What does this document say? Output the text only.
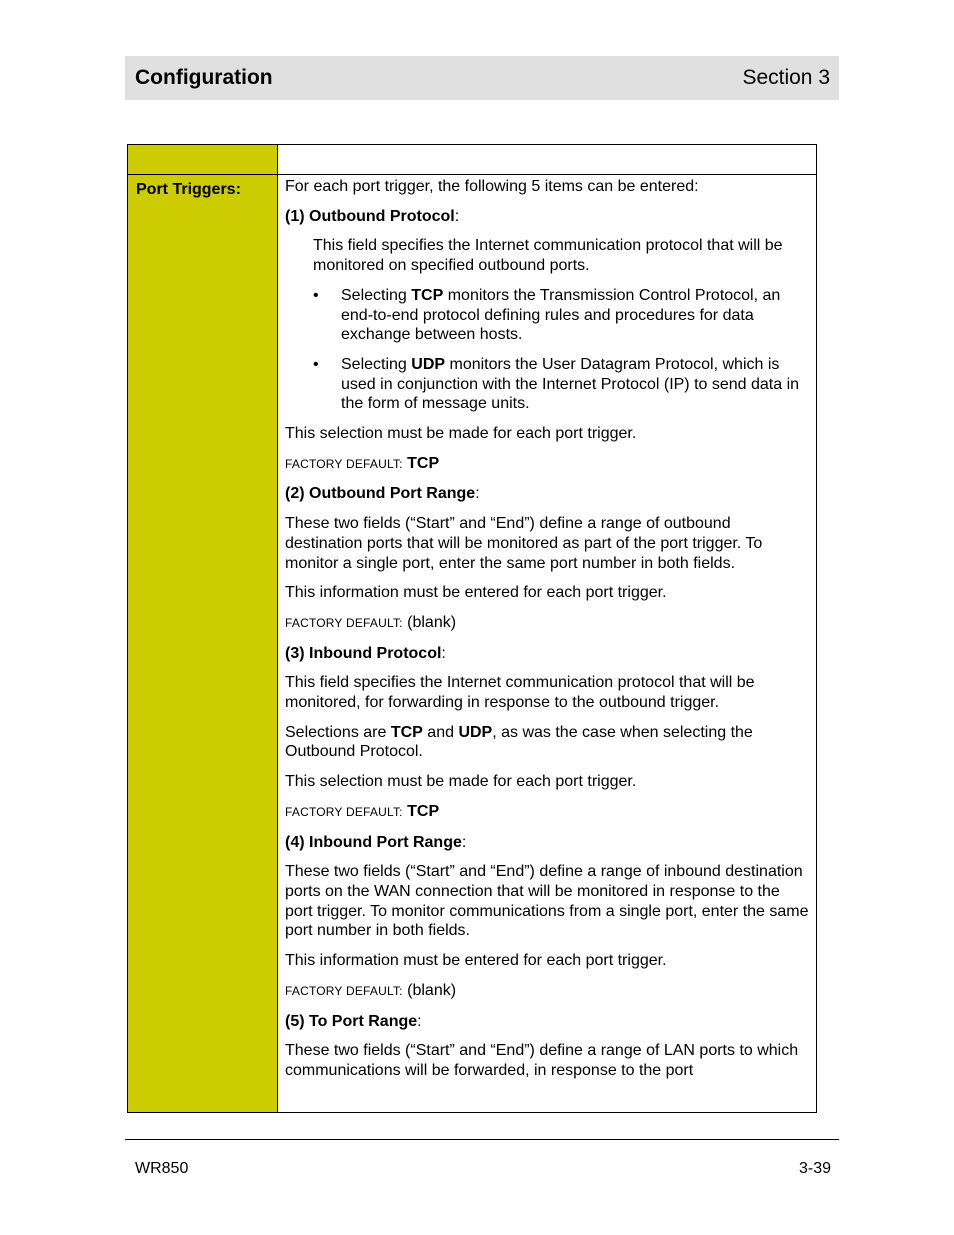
Configuration	Section 3
Port Triggers:	For each port trigger, the following 5 items can be entered:

(1) Outbound Protocol:

This field specifies the Internet communication protocol that will be monitored on specified outbound ports.

• Selecting TCP monitors the Transmission Control Protocol, an end-to-end protocol defining rules and procedures for data exchange between hosts.
• Selecting UDP monitors the User Datagram Protocol, which is used in conjunction with the Internet Protocol (IP) to send data in the form of message units.

This selection must be made for each port trigger.

FACTORY DEFAULT: TCP

(2) Outbound Port Range:

These two fields (“Start” and “End”) define a range of outbound destination ports that will be monitored as part of the port trigger. To monitor a single port, enter the same port number in both fields.

This information must be entered for each port trigger.

FACTORY DEFAULT: (blank)

(3) Inbound Protocol:

This field specifies the Internet communication protocol that will be monitored, for forwarding in response to the outbound trigger.

Selections are TCP and UDP, as was the case when selecting the Outbound Protocol.

This selection must be made for each port trigger.

FACTORY DEFAULT: TCP

(4) Inbound Port Range:

These two fields (“Start” and “End”) define a range of inbound destination ports on the WAN connection that will be monitored in response to the port trigger. To monitor communications from a single port, enter the same port number in both fields.

This information must be entered for each port trigger.

FACTORY DEFAULT: (blank)

(5) To Port Range:

These two fields (“Start” and “End”) define a range of LAN ports to which communications will be forwarded, in response to the port

WR850	3-39
